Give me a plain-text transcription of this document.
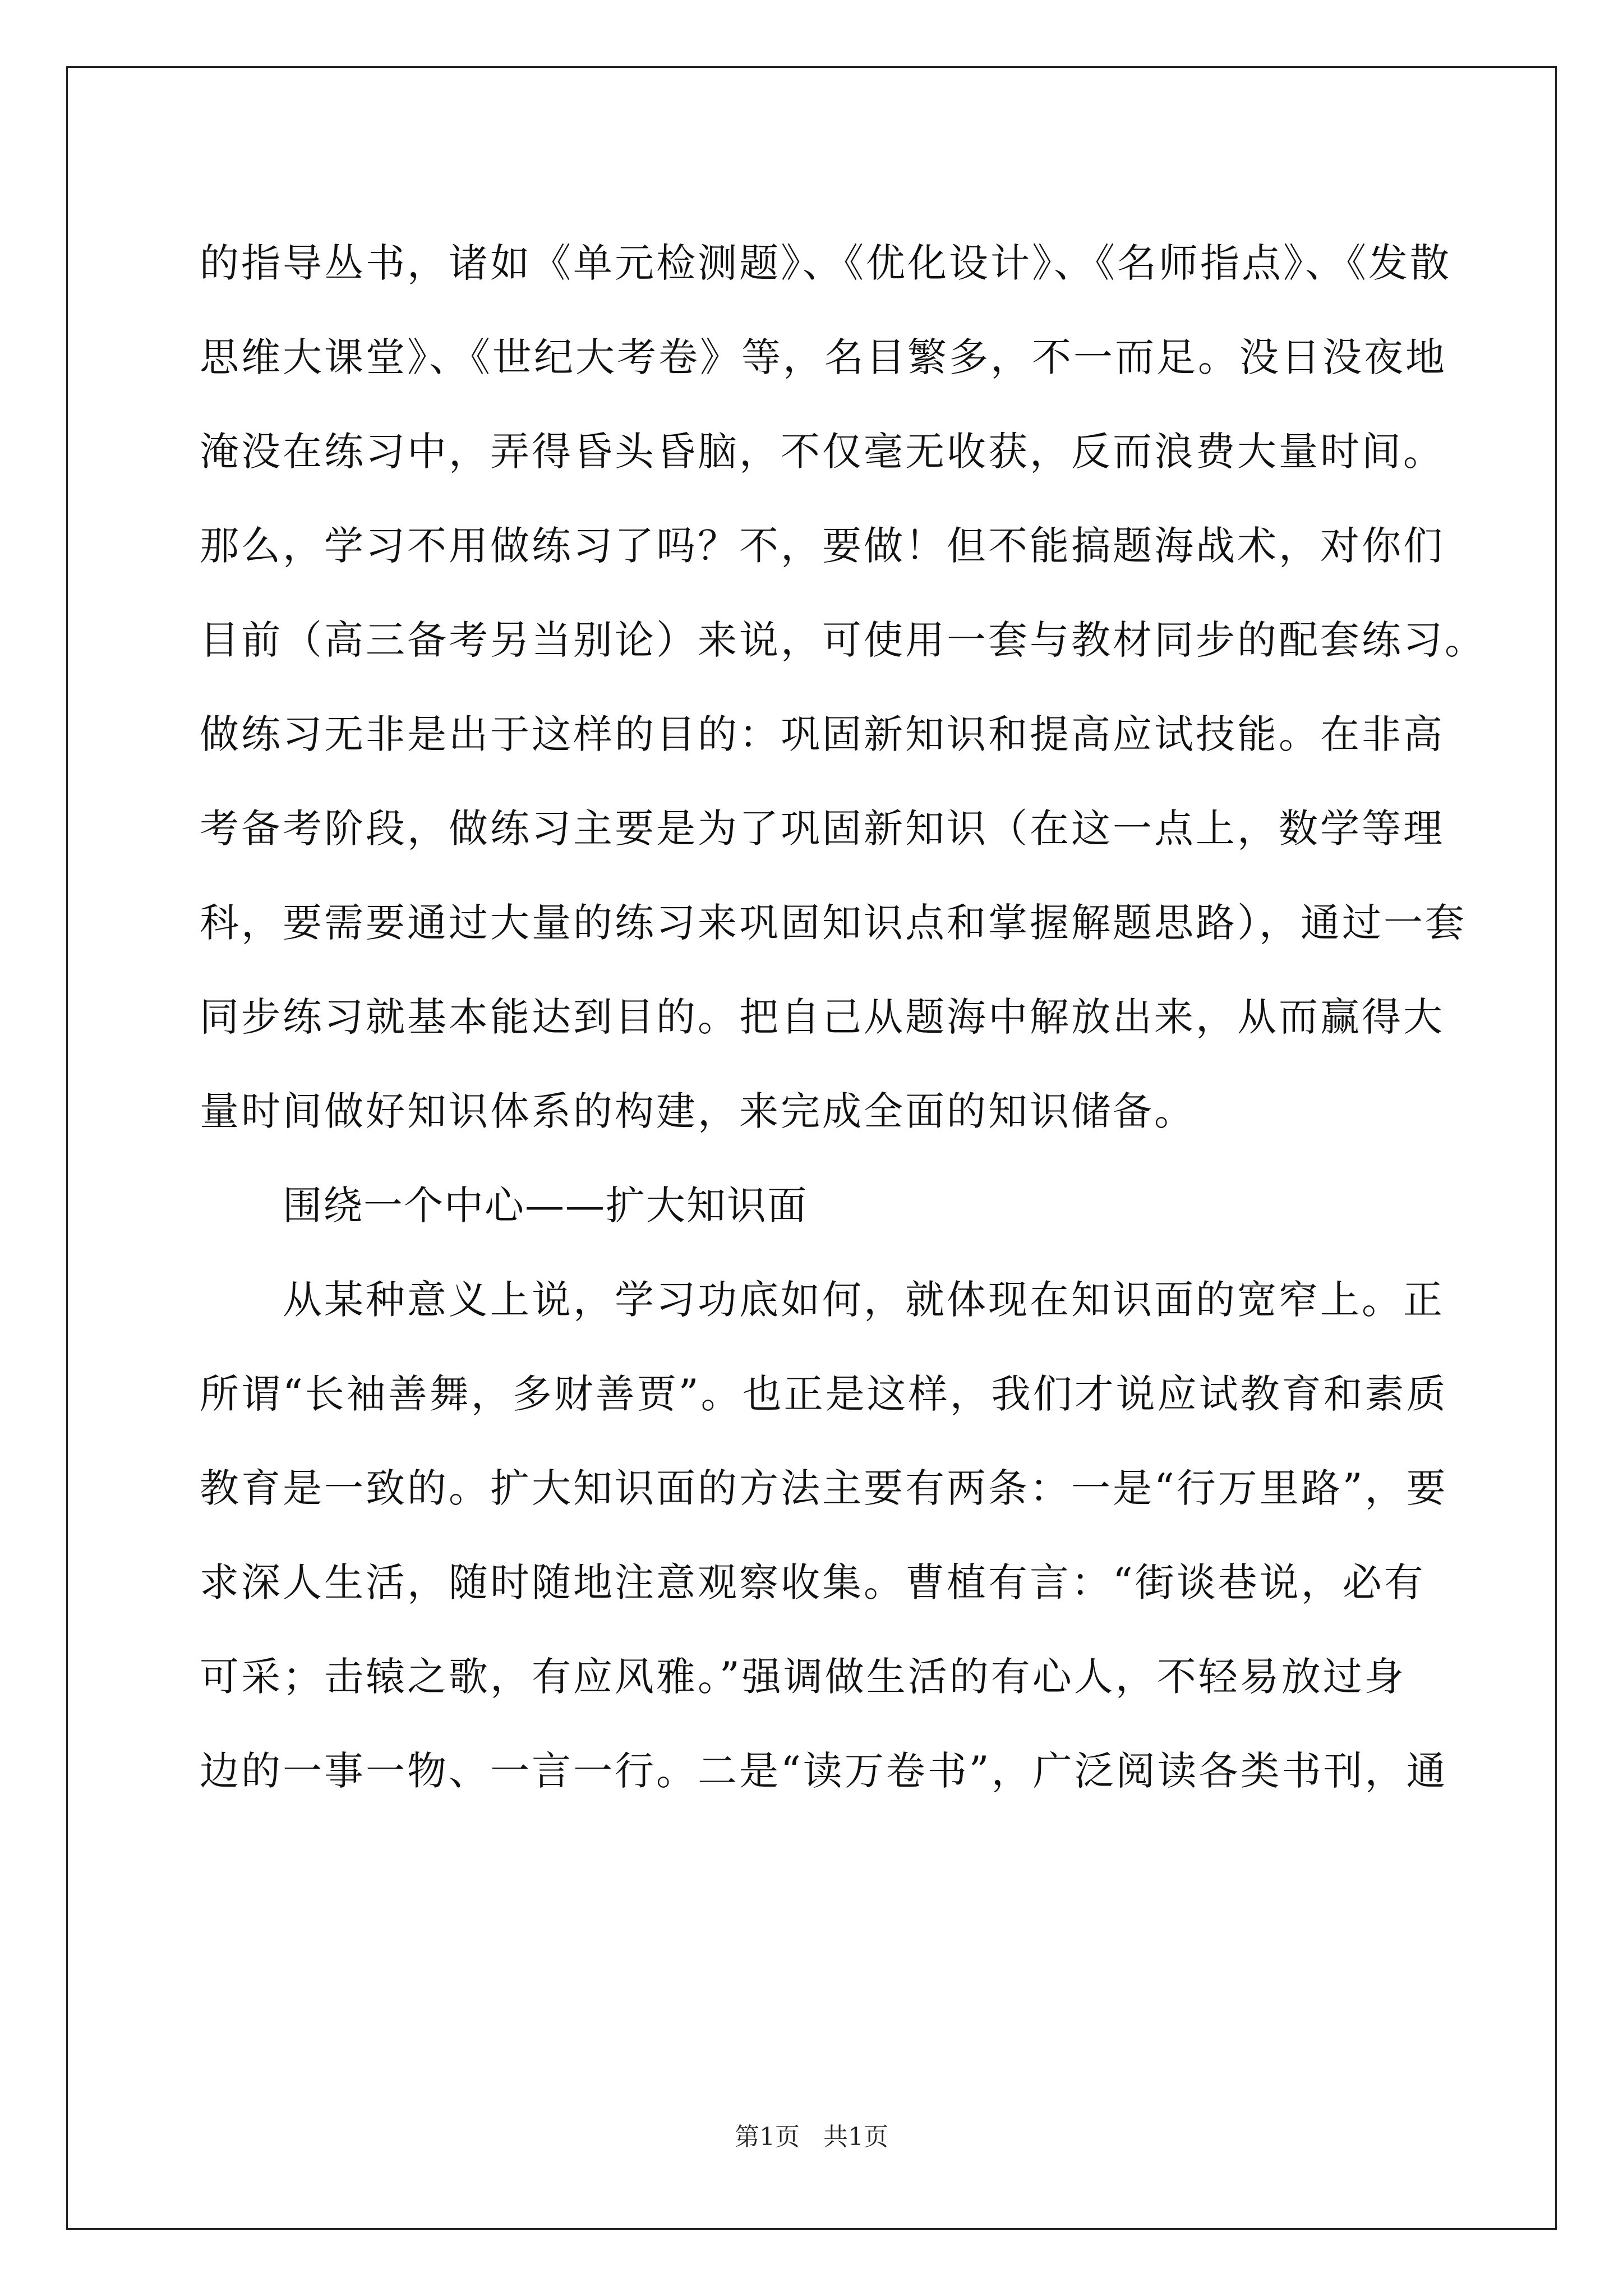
的指导丛书，诸如《单元检测题》、《优化设计》、《名师指点》、《发散
思维大课堂》、《世纪大考卷》等，名目繁多，不一而足。没日没夜地
淹没在练习中，弄得昏头昏脑，不仅毫无收获，反而浪费大量时间。
那么，学习不用做练习了吗？不，要做！但不能搞题海战术，对你们
目前（高三备考另当别论）来说，可使用一套与教材同步的配套练习。
做练习无非是出于这样的目的：巩固新知识和提高应试技能。在非高
考备考阶段，做练习主要是为了巩固新知识（在这一点上，数学等理
科，要需要通过大量的练习来巩固知识点和掌握解题思路），通过一套
同步练习就基本能达到目的。把自己从题海中解放出来，从而赢得大
量时间做好知识体系的构建，来完成全面的知识储备。
围绕一个中心——扩大知识面
从某种意义上说，学习功底如何，就体现在知识面的宽窄上。正
所谓“长袖善舞，多财善贾”。也正是这样，我们才说应试教育和素质
教育是一致的。扩大知识面的方法主要有两条：一是“行万里路”，要
求深人生活，随时随地注意观察收集。曹植有言：“街谈巷说，必有
可采；击辕之歌，有应风雅。”强调做生活的有心人，不轻易放过身
边的一事一物、一言一行。二是“读万卷书”，广泛阅读各类书刊，通
第1页   共1页
